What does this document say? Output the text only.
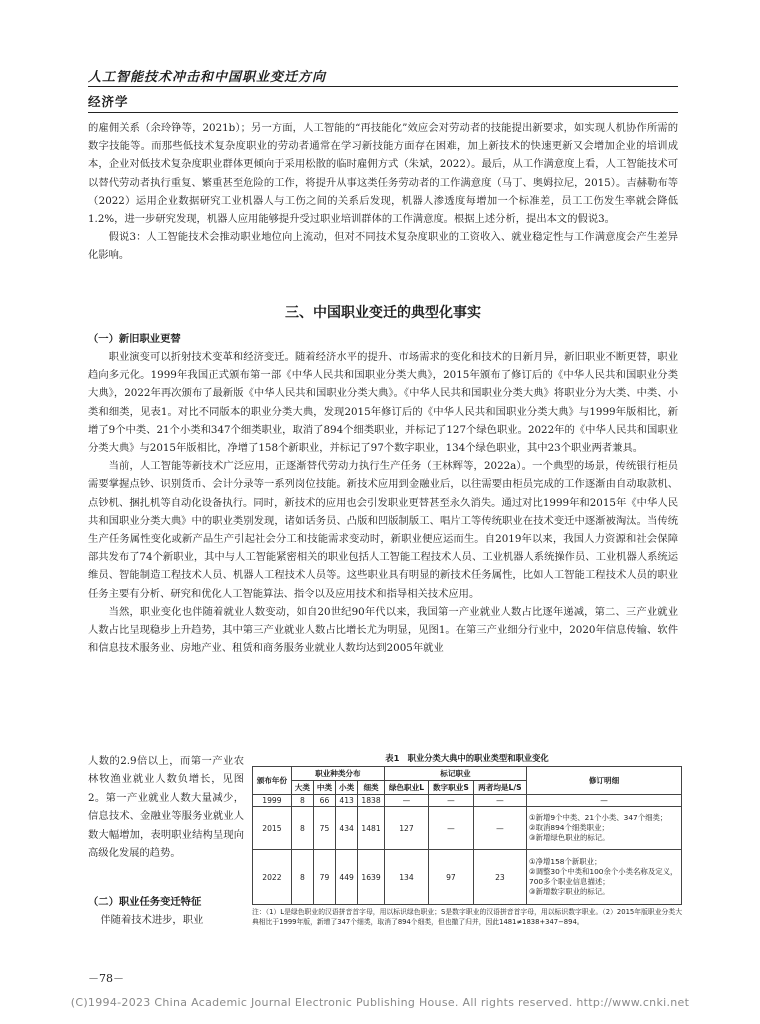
人工智能技术冲击和中国职业变迁方向
经济学

的雇佣关系（余玲铮等，2021b）；另一方面，人工智能的“再技能化”效应会对劳动者的技能提出新要求，如实现人机协作所需的数字技能等。而那些低技术复杂度职业的劳动者通常在学习新技能方面存在困难，加上新技术的快速更新又会增加企业的培训成本，企业对低技术复杂度职业群体更倾向于采用松散的临时雇佣方式（朱斌，2022）。最后，从工作满意度上看，人工智能技术可以替代劳动者执行重复、繁重甚至危险的工作，将提升从事这类任务劳动者的工作满意度（马丁、奥姆拉尼，2015）。吉赫勒布等（2022）运用企业数据研究工业机器人与工伤之间的关系后发现，机器人渗透度每增加一个标准差，员工工伤发生率就会降低1.2%，进一步研究发现，机器人应用能够提升受过职业培训群体的工作满意度。根据上述分析，提出本文的假说3。

假说3：人工智能技术会推动职业地位向上流动，但对不同技术复杂度职业的工资收入、就业稳定性与工作满意度会产生差异化影响。

三、中国职业变迁的典型化事实
（一）新旧职业更替

职业演变可以折射技术变革和经济变迁。随着经济水平的提升、市场需求的变化和技术的日新月异，新旧职业不断更替，职业趋向多元化。1999年我国正式颁布第一部《中华人民共和国职业分类大典》，2015年颁布了修订后的《中华人民共和国职业分类大典》，2022年再次颁布了最新版《中华人民共和国职业分类大典》。《中华人民共和国职业分类大典》将职业分为大类、中类、小类和细类，见表1。对比不同版本的职业分类大典，发现2015年修订后的《中华人民共和国职业分类大典》与1999年版相比，新增了9个中类、21个小类和347个细类职业，取消了894个细类职业，并标记了127个绿色职业。2022年的《中华人民共和国职业分类大典》与2015年版相比，净增了158个新职业，并标记了97个数字职业，134个绿色职业，其中23个职业两者兼具。

当前，人工智能等新技术广泛应用，正逐渐替代劳动力执行生产任务（王林辉等，2022a）。一个典型的场景，传统银行柜员需要掌握点钞、识别货币、会计分录等一系列岗位技能。新技术应用到金融业后，以往需要由柜员完成的工作逐渐由自动取款机、点钞机、捆扎机等自动化设备执行。同时，新技术的应用也会引发职业更替甚至永久消失。通过对比1999年和2015年《中华人民共和国职业分类大典》中的职业类别发现，诸如话务员、凸版和凹版制版工、唱片工等传统职业在技术变迁中逐渐被淘汰。当传统生产任务属性变化或新产品生产引起社会分工和技能需求变动时，新职业便应运而生。自2019年以来，我国人力资源和社会保障部共发布了74个新职业，其中与人工智能紧密相关的职业包括人工智能工程技术人员、工业机器人系统操作员、工业机器人系统运维员、智能制造工程技术人员、机器人工程技术人员等。这些职业具有明显的新技术任务属性，比如人工智能工程技术人员的职业任务主要有分析、研究和优化人工智能算法、指令以及应用技术和指导相关技术应用。

当然，职业变化也伴随着就业人数变动，如自20世纪90年代以来，我国第一产业就业人数占比逐年递减，第二、三产业就业人数占比呈现稳步上升趋势，其中第三产业就业人数占比增长尤为明显，见图1。在第三产业细分行业中，2020年信息传输、软件和信息技术服务业、房地产业、租赁和商务服务业就业人数均达到2005年就业

人数的2.9倍以上，而第一产业农林牧渔业就业人数负增长，见图2。第一产业就业人数大量减少，信息技术、金融业等服务业就业人数大幅增加，表明职业结构呈现向高级化发展的趋势。
（二）职业任务变迁特征
伴随着技术进步，职业
表1　职业分类大典中的职业类型和职业变化
颁布年份	职业种类分布				标记职业			修订明细
	大类	中类	小类	细类	绿色职业L	数字职业S	两者均是L/S	
1999	8	66	413	1838	—	—	—	—
2015	8	75	434	1481	127	—	—	①新增9个中类、21个小类、347个细类；
②取消894个细类职业；
③新增绿色职业的标记。

2022	8	79	449	1639	134	97	23	①净增158个新职业；
②调整30个中类和100余个小类名称及定义，700多个职业信息描述；
③新增数字职业的标记。
注：（1）L是绿色职业的汉语拼音首字母，用以标识绿色职业；S是数字职业的汉语拼音首字母，用以标识数字职业。（2）2015年版职业分类大典相比于1999年版，新增了347个细类，取消了894个细类，但也撤了归并，因此1481≠1838+347−894。
－78－
(C)1994-2023 China Academic Journal Electronic Publishing House. All rights reserved. http://www.cnki.net
